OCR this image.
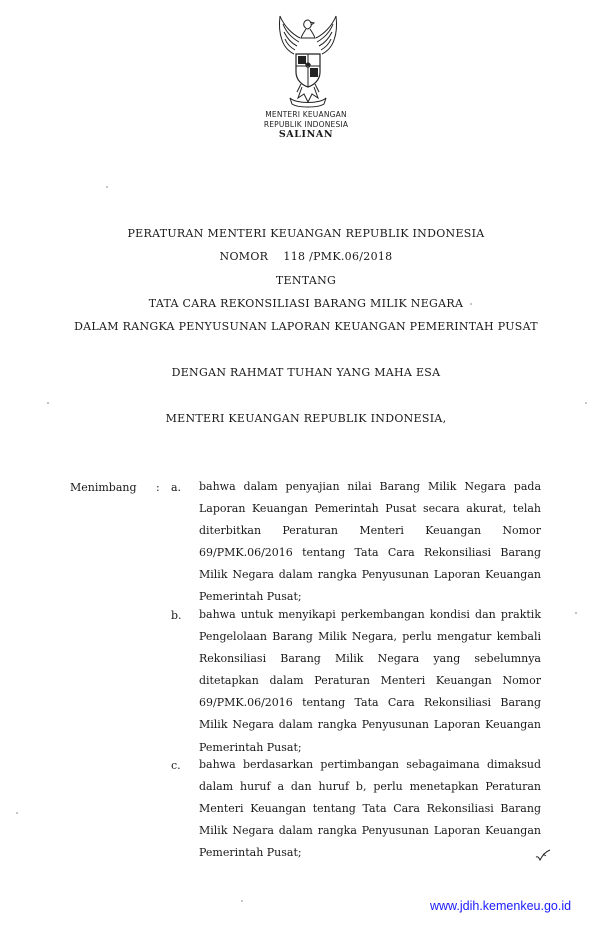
MENTERI KEUANGAN
REPUBLIK INDONESIA
SALINAN
PERATURAN MENTERI KEUANGAN REPUBLIK INDONESIA
NOMOR    118 /PMK.06/2018
TENTANG
TATA CARA REKONSILIASI BARANG MILIK NEGARA
DALAM RANGKA PENYUSUNAN LAPORAN KEUANGAN PEMERINTAH PUSAT
DENGAN RAHMAT TUHAN YANG MAHA ESA
MENTERI KEUANGAN REPUBLIK INDONESIA,
Menimbang : a. bahwa dalam penyajian nilai Barang Milik Negara pada Laporan Keuangan Pemerintah Pusat secara akurat, telah diterbitkan Peraturan Menteri Keuangan Nomor 69/PMK.06/2016 tentang Tata Cara Rekonsiliasi Barang Milik Negara dalam rangka Penyusunan Laporan Keuangan Pemerintah Pusat;
b. bahwa untuk menyikapi perkembangan kondisi dan praktik Pengelolaan Barang Milik Negara, perlu mengatur kembali Rekonsiliasi Barang Milik Negara yang sebelumnya ditetapkan dalam Peraturan Menteri Keuangan Nomor 69/PMK.06/2016 tentang Tata Cara Rekonsiliasi Barang Milik Negara dalam rangka Penyusunan Laporan Keuangan Pemerintah Pusat;
c. bahwa berdasarkan pertimbangan sebagaimana dimaksud dalam huruf a dan huruf b, perlu menetapkan Peraturan Menteri Keuangan tentang Tata Cara Rekonsiliasi Barang Milik Negara dalam rangka Penyusunan Laporan Keuangan Pemerintah Pusat;
www.jdih.kemenkeu.go.id
